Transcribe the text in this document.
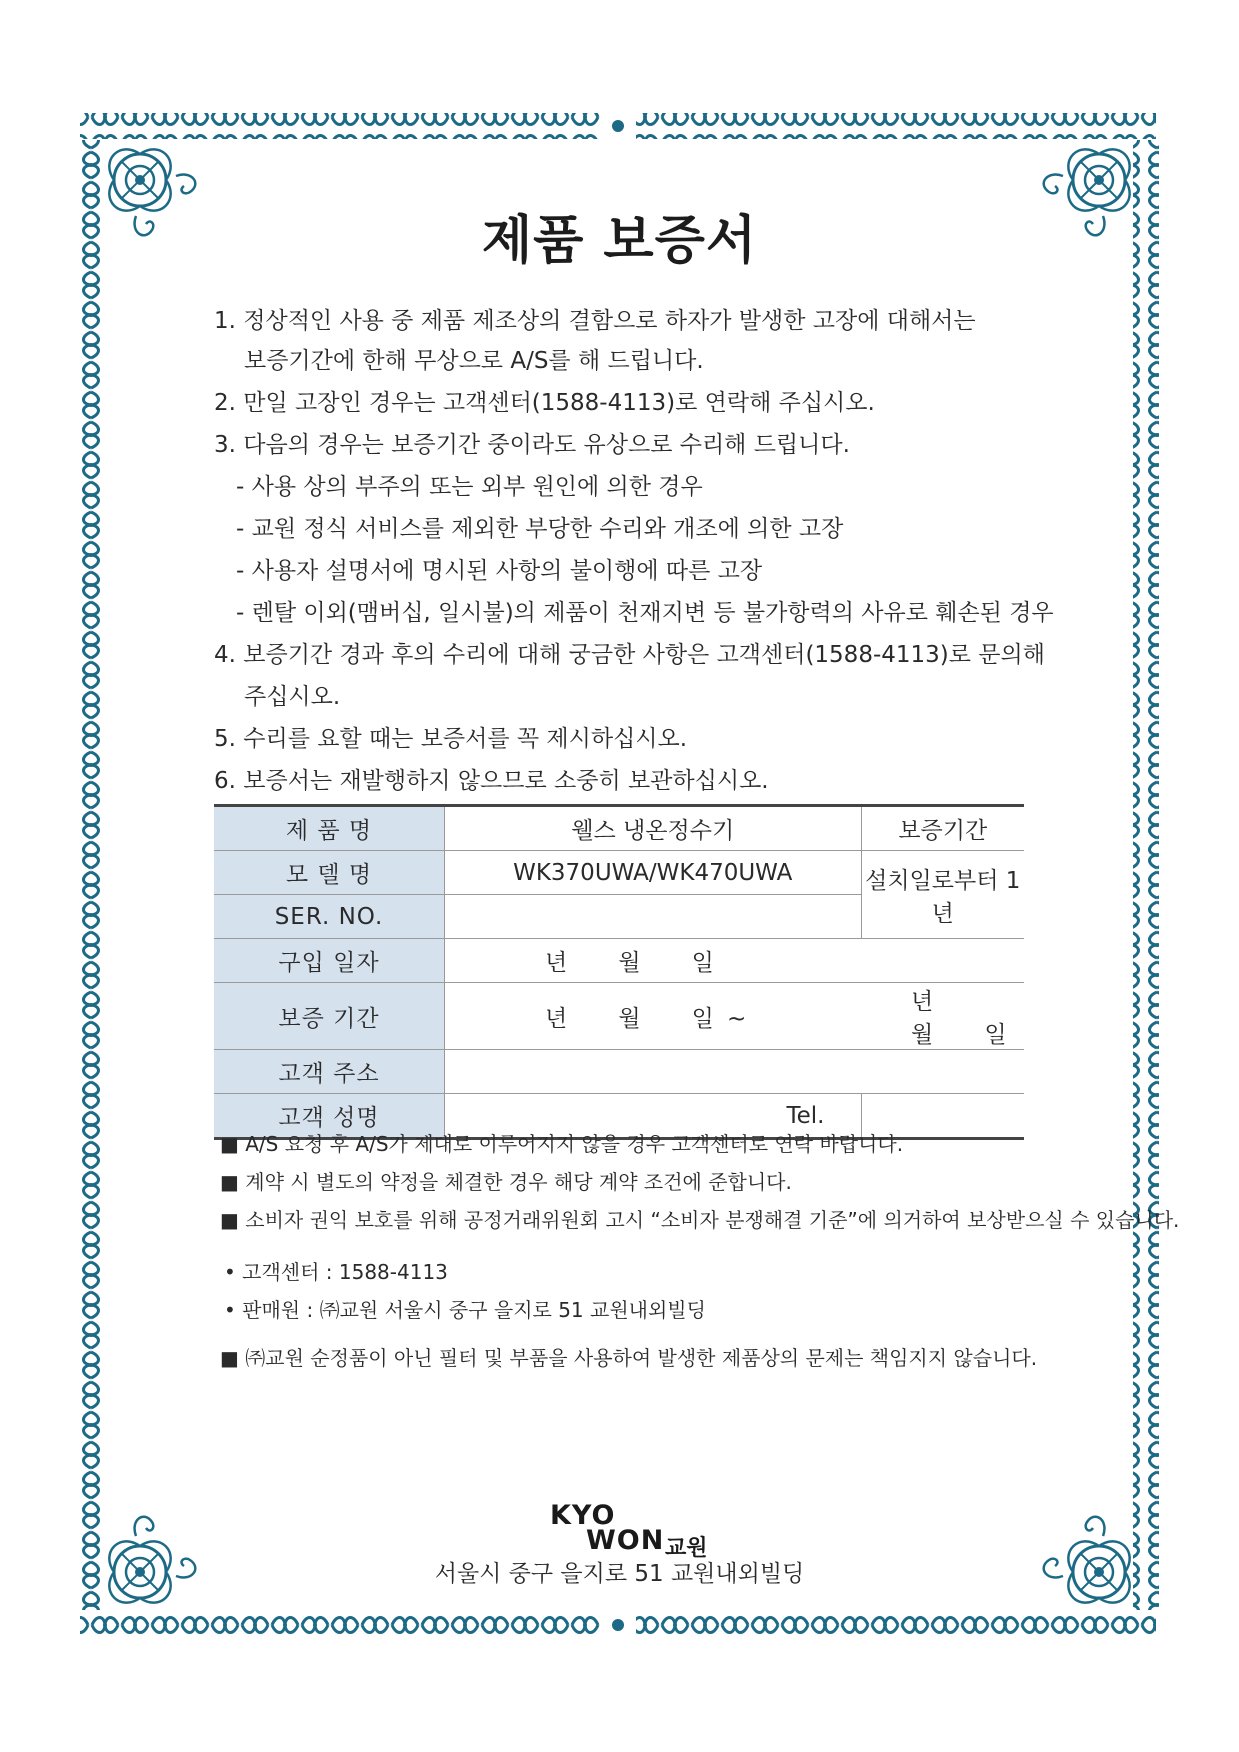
제품 보증서
1. 정상적인 사용 중 제품 제조상의 결함으로 하자가 발생한 고장에 대해서는
보증기간에 한해 무상으로 A/S를 해 드립니다.
2. 만일 고장인 경우는 고객센터(1588-4113)로 연락해 주십시오.
3. 다음의 경우는 보증기간 중이라도 유상으로 수리해 드립니다.
- 사용 상의 부주의 또는 외부 원인에 의한 경우
- 교원 정식 서비스를 제외한 부당한 수리와 개조에 의한 고장
- 사용자 설명서에 명시된 사항의 불이행에 따른 고장
- 렌탈 이외(맴버십, 일시불)의 제품이 천재지변 등 불가항력의 사유로 훼손된 경우
4. 보증기간 경과 후의 수리에 대해 궁금한 사항은 고객센터(1588-4113)로 문의해
주십시오.
5. 수리를 요할 때는 보증서를 꼭 제시하십시오.
6. 보증서는 재발행하지 않으므로 소중히 보관하십시오.
제 품 명	웰스 냉온정수기	보증기간
모 델 명	WK370UWA/WK470UWA	설치일로부터 1년
SER. NO.		
구입 일자	년 월 일	
보증 기간	년 월 일 ~	년 월 일
고객 주소		
고객 성명	Tel.	
■ A/S 요청 후 A/S가 제대로 이루어지지 않을 경우 고객센터로 연락 바랍니다.
■ 계약 시 별도의 약정을 체결한 경우 해당 계약 조건에 준합니다.
■ 소비자 권익 보호를 위해 공정거래위원회 고시 “소비자 분쟁해결 기준”에 의거하여 보상받으실 수 있습니다.
• 고객센터 : 1588-4113
• 판매원 : ㈜교원 서울시 중구 을지로 51 교원내외빌딩
■ ㈜교원 순정품이 아닌 필터 및 부품을 사용하여 발생한 제품상의 문제는 책임지지 않습니다.
KYO
WON 교원
서울시 중구 을지로 51 교원내외빌딩
